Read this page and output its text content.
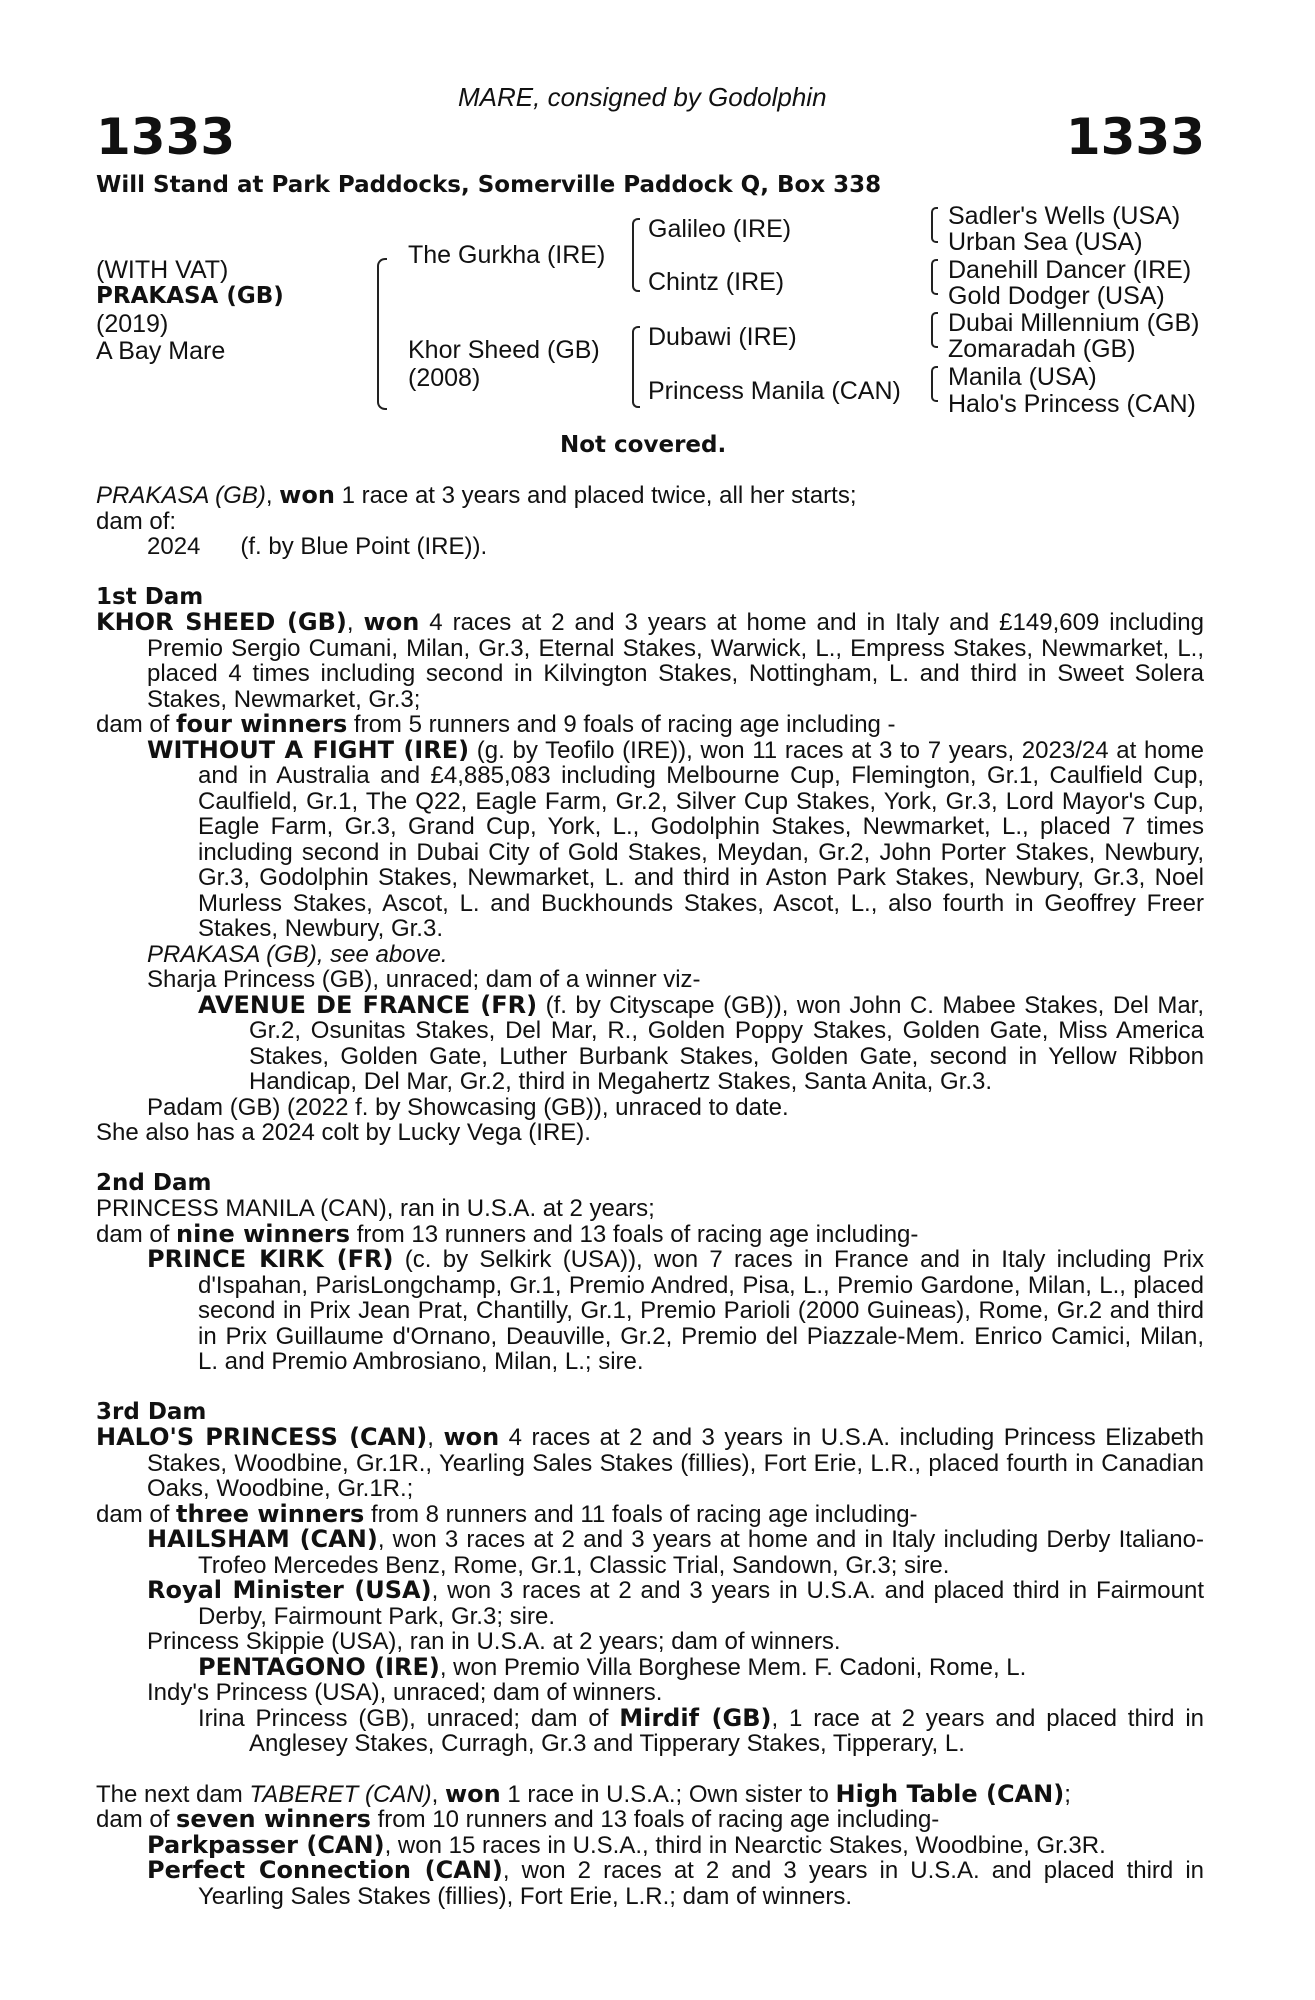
MARE, consigned by Godolphin
1333	1333
Will Stand at Park Paddocks, Somerville Paddock Q, Box 338
(WITH VAT)
PRAKASA (GB)
(2019)
A Bay Mare
The Gurkha (IRE)
Khor Sheed (GB)
(2008)
Galileo (IRE)
Chintz (IRE)
Dubawi (IRE)
Princess Manila (CAN)
Sadler's Wells (USA)
Urban Sea (USA)
Danehill Dancer (IRE)
Gold Dodger (USA)
Dubai Millennium (GB)
Zomaradah (GB)
Manila (USA)
Halo's Princess (CAN)
Not covered.

PRAKASA (GB), won 1 race at 3 years and placed twice, all her starts;

dam of:

2024 (f. by Blue Point (IRE)).

1st Dam

KHOR SHEED (GB), won 4 races at 2 and 3 years at home and in Italy and £149,609 including Premio Sergio Cumani, Milan, Gr.3, Eternal Stakes, Warwick, L., Empress Stakes, Newmarket, L., placed 4 times including second in Kilvington Stakes, Nottingham, L. and third in Sweet Solera Stakes, Newmarket, Gr.3;

dam of four winners from 5 runners and 9 foals of racing age including -

WITHOUT A FIGHT (IRE) (g. by Teofilo (IRE)), won 11 races at 3 to 7 years, 2023/24 at home and in Australia and £4,885,083 including Melbourne Cup, Flemington, Gr.1, Caulfield Cup, Caulfield, Gr.1, The Q22, Eagle Farm, Gr.2, Silver Cup Stakes, York, Gr.3, Lord Mayor's Cup, Eagle Farm, Gr.3, Grand Cup, York, L., Godolphin Stakes, Newmarket, L., placed 7 times including second in Dubai City of Gold Stakes, Meydan, Gr.2, John Porter Stakes, Newbury, Gr.3, Godolphin Stakes, Newmarket, L. and third in Aston Park Stakes, Newbury, Gr.3, Noel Murless Stakes, Ascot, L. and Buckhounds Stakes, Ascot, L., also fourth in Geoffrey Freer Stakes, Newbury, Gr.3.

PRAKASA (GB), see above.

Sharja Princess (GB), unraced; dam of a winner viz-

AVENUE DE FRANCE (FR) (f. by Cityscape (GB)), won John C. Mabee Stakes, Del Mar, Gr.2, Osunitas Stakes, Del Mar, R., Golden Poppy Stakes, Golden Gate, Miss America Stakes, Golden Gate, Luther Burbank Stakes, Golden Gate, second in Yellow Ribbon Handicap, Del Mar, Gr.2, third in Megahertz Stakes, Santa Anita, Gr.3.

Padam (GB) (2022 f. by Showcasing (GB)), unraced to date.

She also has a 2024 colt by Lucky Vega (IRE).

2nd Dam

PRINCESS MANILA (CAN), ran in U.S.A. at 2 years;

dam of nine winners from 13 runners and 13 foals of racing age including-

PRINCE KIRK (FR) (c. by Selkirk (USA)), won 7 races in France and in Italy including Prix d'Ispahan, ParisLongchamp, Gr.1, Premio Andred, Pisa, L., Premio Gardone, Milan, L., placed second in Prix Jean Prat, Chantilly, Gr.1, Premio Parioli (2000 Guineas), Rome, Gr.2 and third in Prix Guillaume d'Ornano, Deauville, Gr.2, Premio del Piazzale-Mem. Enrico Camici, Milan, L. and Premio Ambrosiano, Milan, L.; sire.

3rd Dam

HALO'S PRINCESS (CAN), won 4 races at 2 and 3 years in U.S.A. including Princess Elizabeth Stakes, Woodbine, Gr.1R., Yearling Sales Stakes (fillies), Fort Erie, L.R., placed fourth in Canadian Oaks, Woodbine, Gr.1R.;

dam of three winners from 8 runners and 11 foals of racing age including-

HAILSHAM (CAN), won 3 races at 2 and 3 years at home and in Italy including Derby Italiano-Trofeo Mercedes Benz, Rome, Gr.1, Classic Trial, Sandown, Gr.3; sire.

Royal Minister (USA), won 3 races at 2 and 3 years in U.S.A. and placed third in Fairmount Derby, Fairmount Park, Gr.3; sire.

Princess Skippie (USA), ran in U.S.A. at 2 years; dam of winners.

PENTAGONO (IRE), won Premio Villa Borghese Mem. F. Cadoni, Rome, L.

Indy's Princess (USA), unraced; dam of winners.

Irina Princess (GB), unraced; dam of Mirdif (GB), 1 race at 2 years and placed third in Anglesey Stakes, Curragh, Gr.3 and Tipperary Stakes, Tipperary, L.

The next dam TABERET (CAN), won 1 race in U.S.A.; Own sister to High Table (CAN);

dam of seven winners from 10 runners and 13 foals of racing age including-

Parkpasser (CAN), won 15 races in U.S.A., third in Nearctic Stakes, Woodbine, Gr.3R.

Perfect Connection (CAN), won 2 races at 2 and 3 years in U.S.A. and placed third in Yearling Sales Stakes (fillies), Fort Erie, L.R.; dam of winners.
